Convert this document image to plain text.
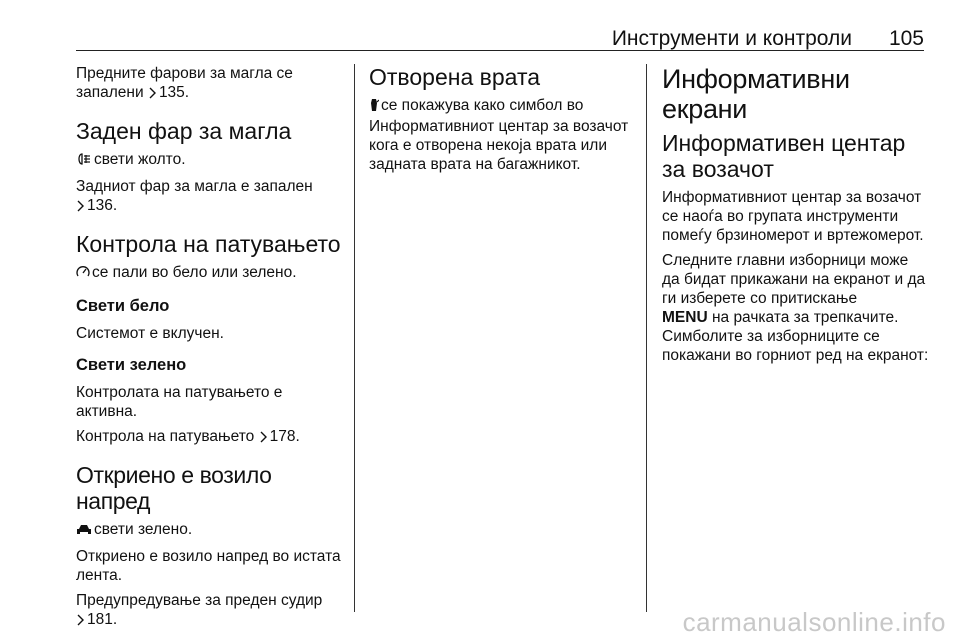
Инструменти и контроли 105

Предните фарови за магла се запалени 135.

Заден фар за магла

свети жолто.

Задниот фар за магла е запален
136.

Контрола на патувањето

се пали во бело или зелено.

Свети бело

Системот е вклучен.

Свети зелено

Контролата на патувањето е активна.

Контрола на патувањето 178.

Откриено е возило напред

свети зелено.

Откриено е возило напред во истата лента.

Предупредување за преден судир
181.

Отворена врата

се покажува како симбол во Информативниот центар за возачот кога е отворена некоја врата или задната врата на багажникот.

Информативни екрани
Информативен центар за возачот

Информативниот центар за возачот се наоѓа во групата инструменти помеѓу брзиномерот и вртежомерот.

Следните главни изборници може да бидат прикажани на екранот и да ги изберете со притискање
MENU на рачката за трепкачите.

Симболите за изборниците се покажани во горниот ред на екранот:

carmanualsonline.info
